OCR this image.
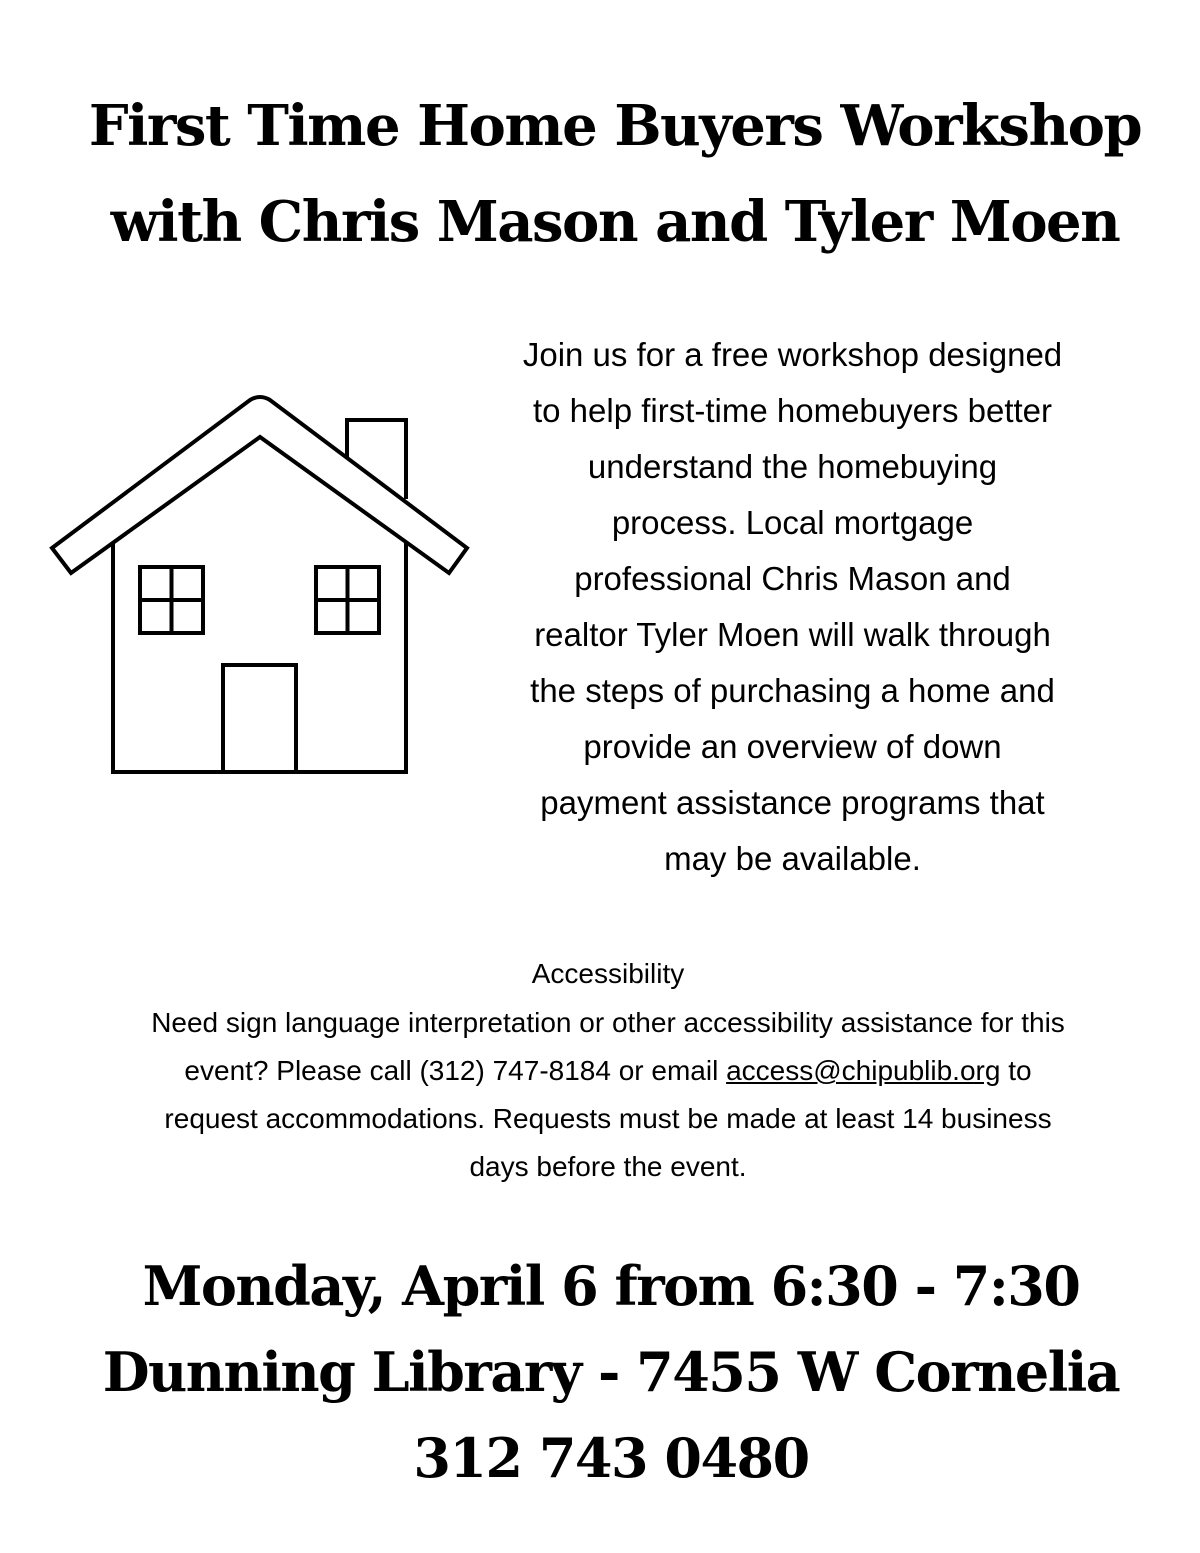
First Time Home Buyers Workshop
with Chris Mason and Tyler Moen

Join us for a free workshop designed
to help first-time homebuyers better
understand the homebuying
process. Local mortgage
professional Chris Mason and
realtor Tyler Moen will walk through
the steps of purchasing a home and
provide an overview of down
payment assistance programs that
may be available.

Accessibility

Need sign language interpretation or other accessibility assistance for this
event? Please call (312) 747-8184 or email access@chipublib.org to
request accommodations. Requests must be made at least 14 business
days before the event.

Monday, April 6 from 6:30 - 7:30
Dunning Library - 7455 W Cornelia
312 743 0480
